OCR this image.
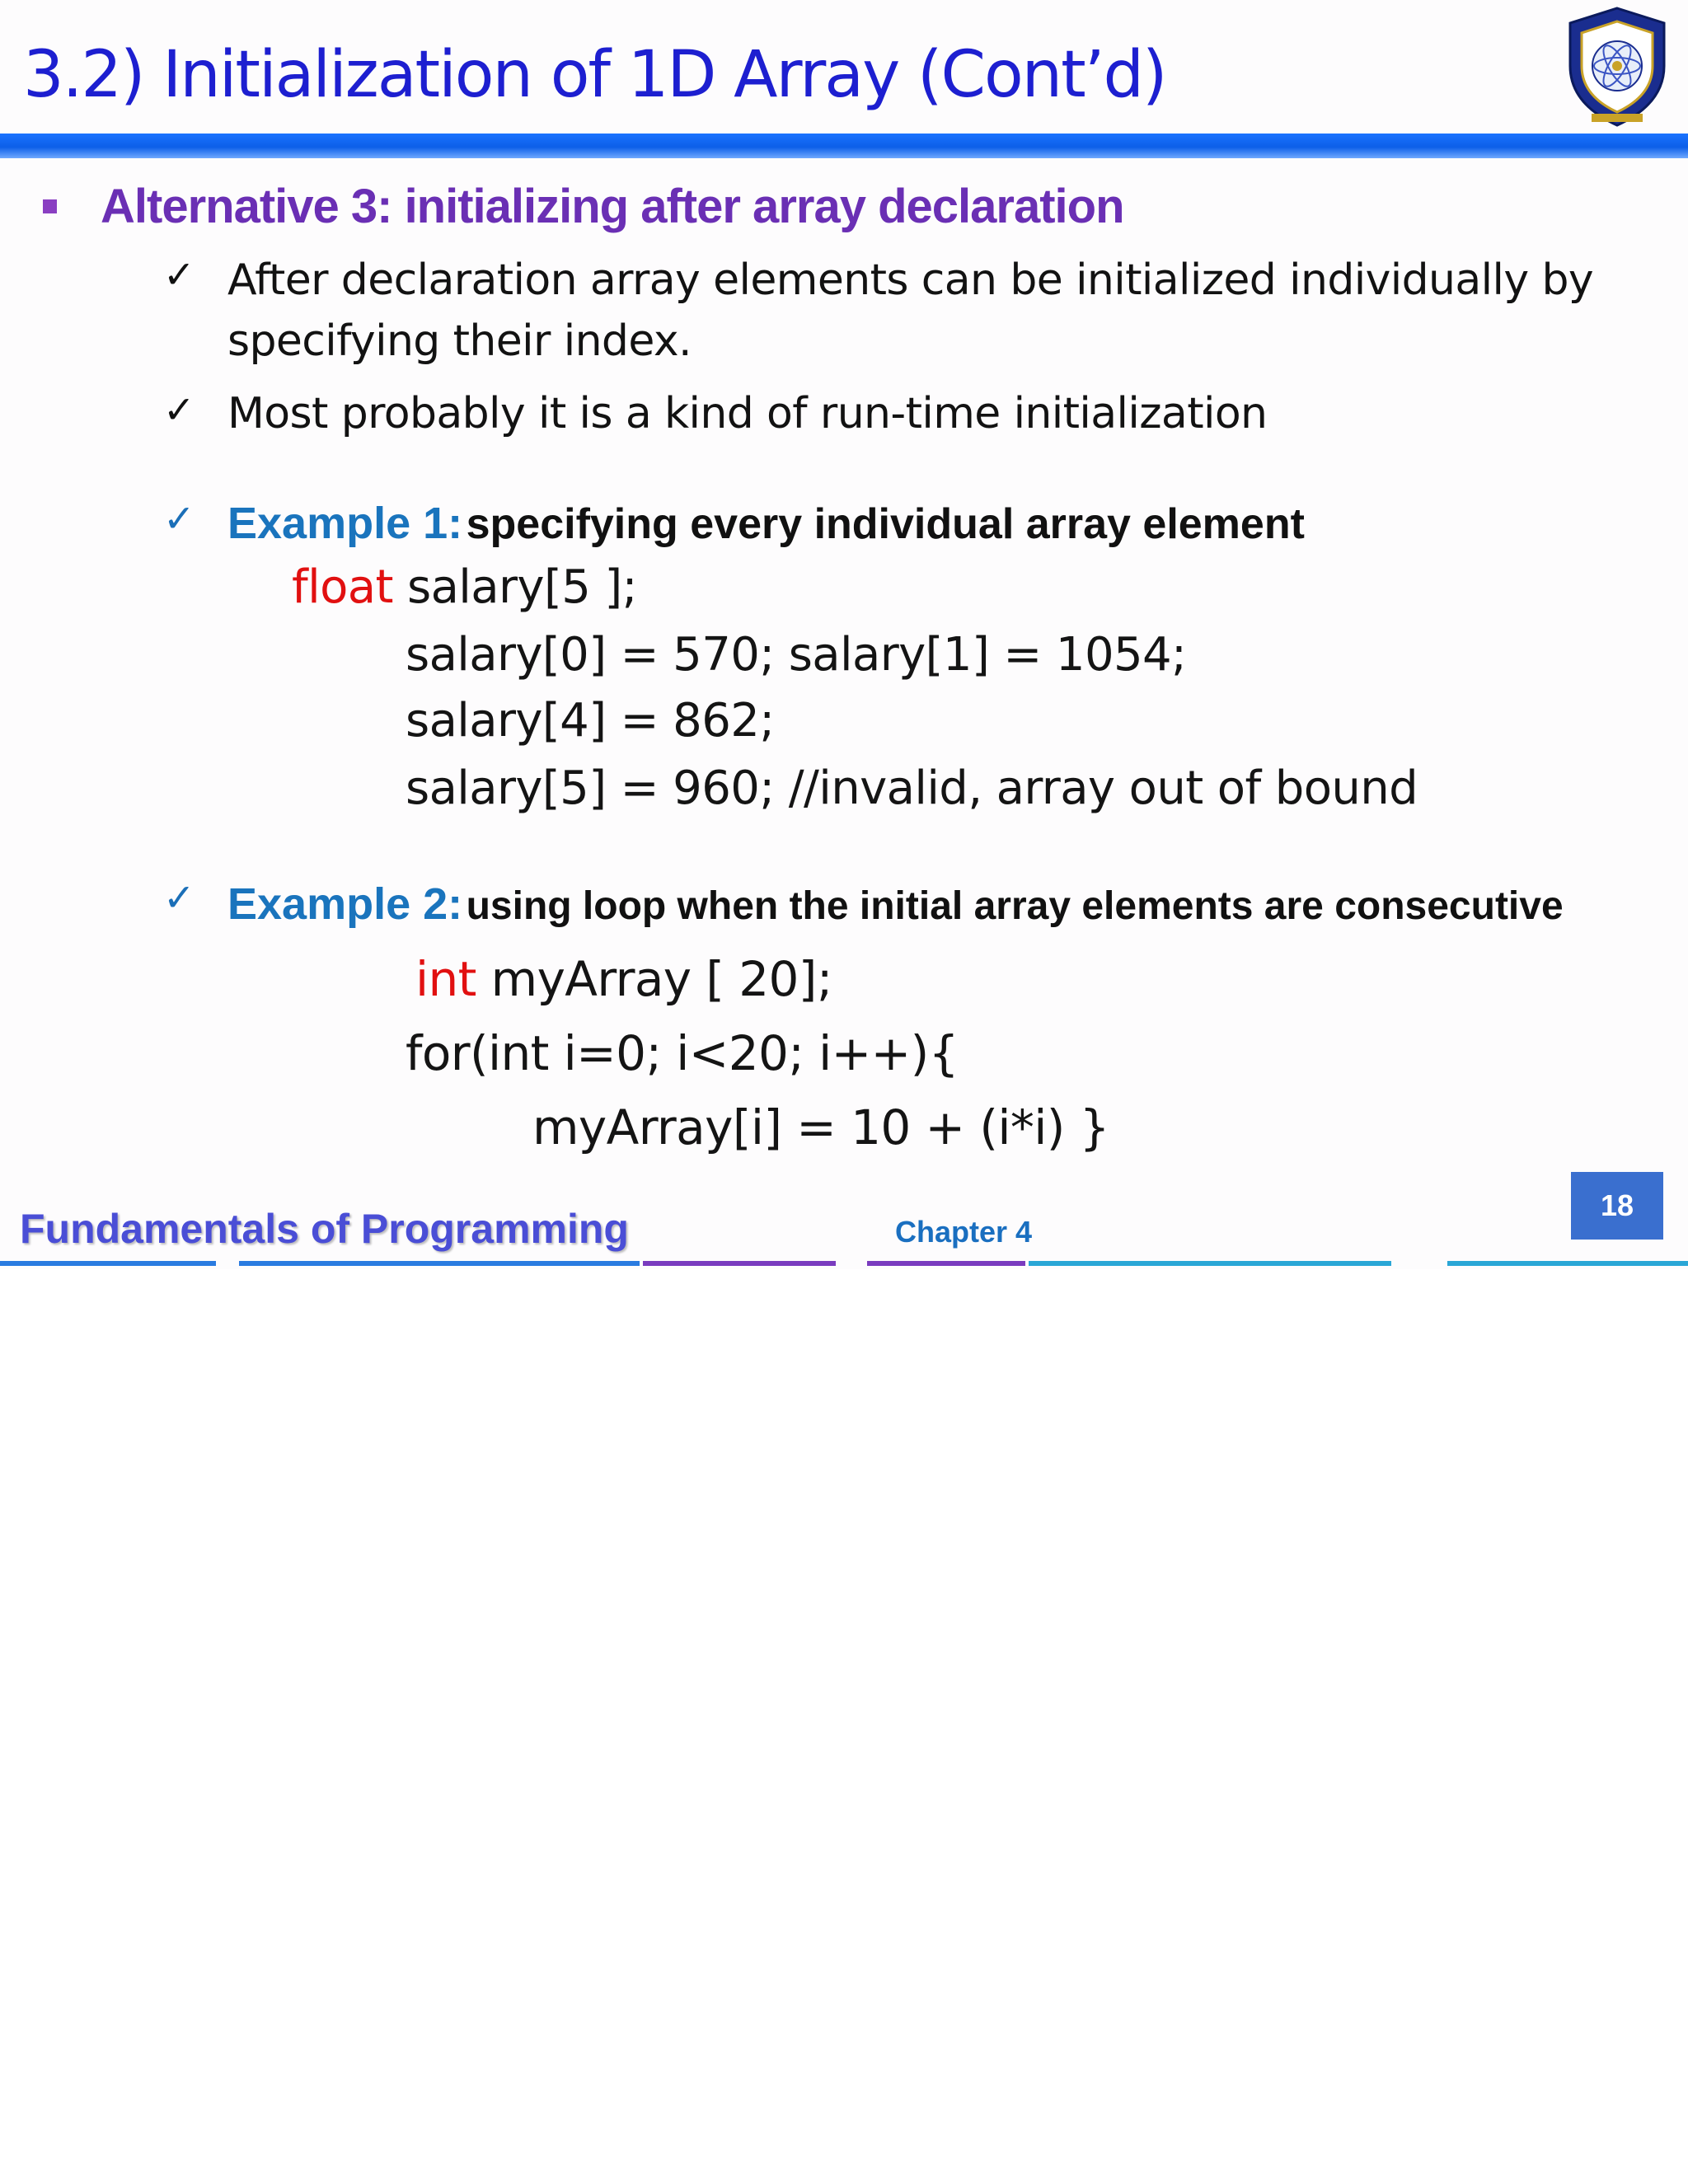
3.2) Initialization of 1D Array (Cont’d)
Alternative 3: initializing after array declaration
✓ After declaration array elements can be initialized individually by
specifying their index.
✓ Most probably it is a kind of run-time initialization
✓ Example 1: specifying every individual array element
float salary[5 ];
salary[0] = 570; salary[1] = 1054;
salary[4] = 862;
salary[5] = 960; //invalid, array out of bound
✓ Example 2: using loop when the initial array elements are consecutive
int myArray [ 20];
for(int i=0; i<20; i++){
myArray[i] = 10 + (i*i) }
Fundamentals of Programming	Chapter 4
18
